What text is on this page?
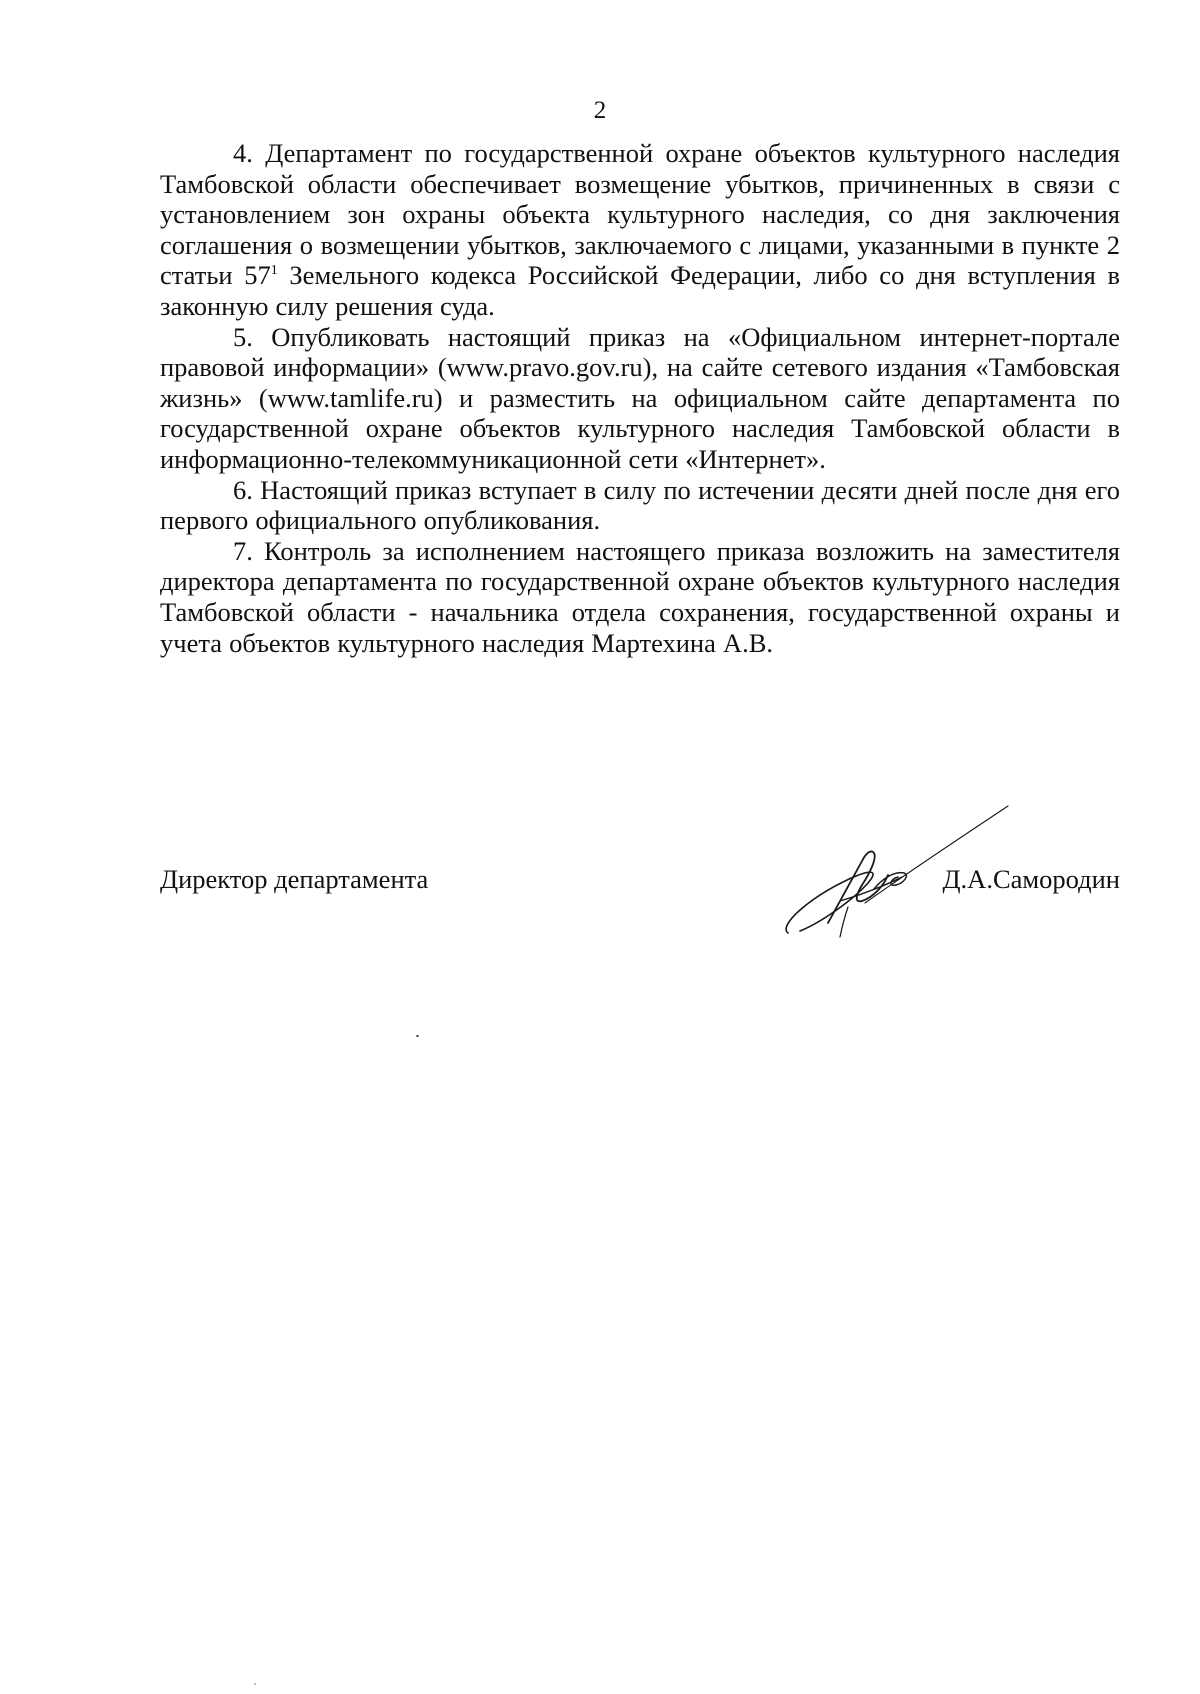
2

4. Департамент по государственной охране объектов культурного наследия Тамбовской области обеспечивает возмещение убытков, причиненных в связи с установлением зон охраны объекта культурного наследия, со дня заключения соглашения о возмещении убытков, заключаемого с лицами, указанными в пункте 2 статьи $57^1$ Земельного кодекса Российской Федерации, либо со дня вступления в законную силу решения суда.

5. Опубликовать настоящий приказ на «Официальном интернет-портале правовой информации» (www.pravo.gov.ru), на сайте сетевого издания «Тамбовская жизнь» (www.tamlife.ru) и разместить на официальном сайте департамента по государственной охране объектов культурного наследия Тамбовской области в информационно-телекоммуникационной сети «Интернет».

6. Настоящий приказ вступает в силу по истечении десяти дней после дня его первого официального опубликования.

7. Контроль за исполнением настоящего приказа возложить на заместителя директора департамента по государственной охране объектов культурного наследия Тамбовской области - начальника отдела сохранения, государственной охраны и учета объектов культурного наследия Мартехина А.В.

Директор департамента	Д.А.Самородин
